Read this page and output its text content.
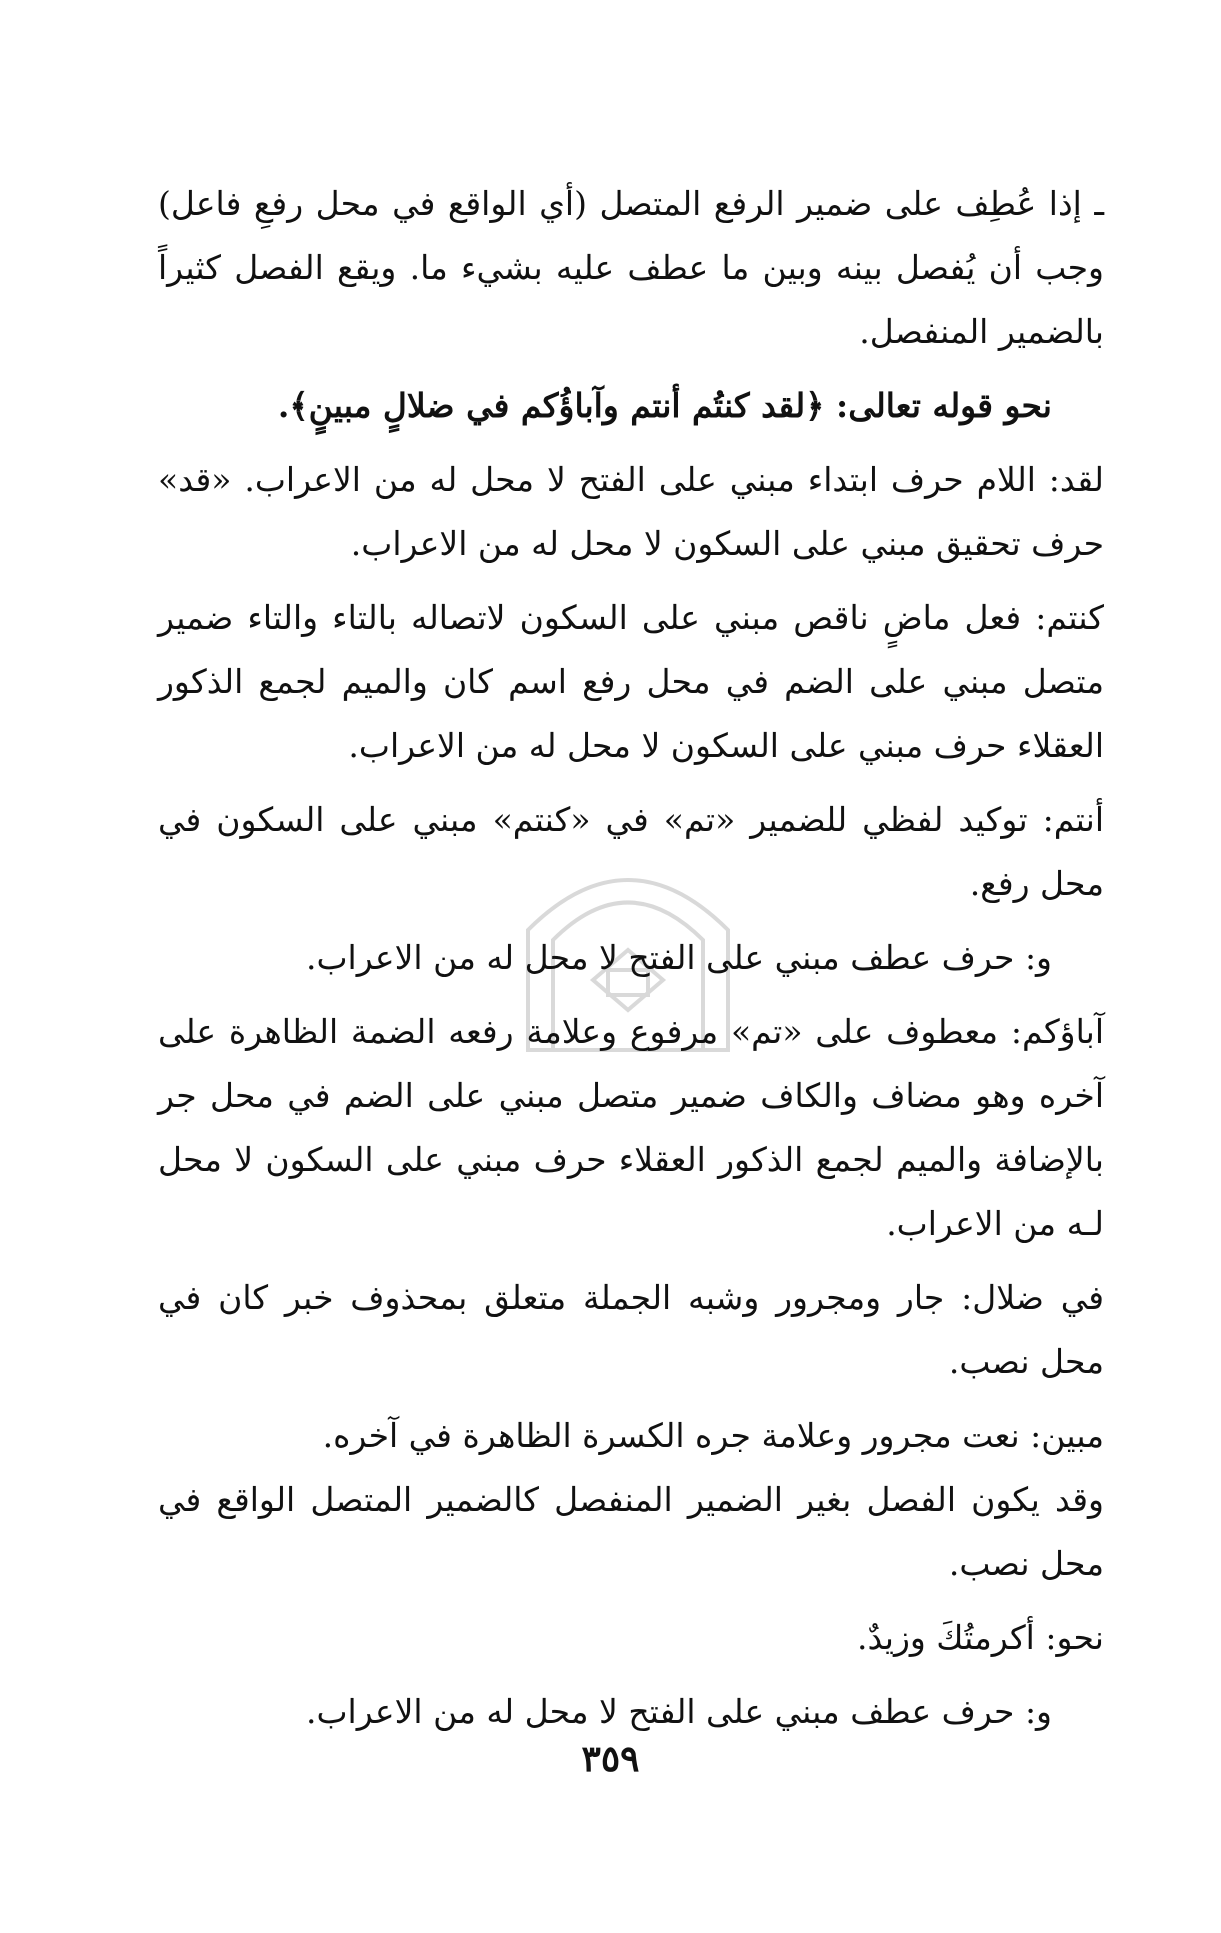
ـ إذا عُطِف على ضمير الرفع المتصل (أي الواقع في محل رفعِ فاعل) وجب أن يُفصل بينه وبين ما عطف عليه بشيء ما. ويقع الفصل كثيراً بالضمير المنفصل.

نحو قوله تعالى: ﴿لقد كنتُم أنتم وآباؤُكم في ضلالٍ مبينٍ﴾.

لقد: اللام حرف ابتداء مبني على الفتح لا محل له من الاعراب. «قد» حرف تحقيق مبني على السكون لا محل له من الاعراب.

كنتم: فعل ماضٍ ناقص مبني على السكون لاتصاله بالتاء والتاء ضمير متصل مبني على الضم في محل رفع اسم كان والميم لجمع الذكور العقلاء حرف مبني على السكون لا محل له من الاعراب.

أنتم: توكيد لفظي للضمير «تم» في «كنتم» مبني على السكون في محل رفع.

و: حرف عطف مبني على الفتح لا محل له من الاعراب.

آباؤكم: معطوف على «تم» مرفوع وعلامة رفعه الضمة الظاهرة على آخره وهو مضاف والكاف ضمير متصل مبني على الضم في محل جر بالإضافة والميم لجمع الذكور العقلاء حرف مبني على السكون لا محل لـه من الاعراب.

في ضلال: جار ومجرور وشبه الجملة متعلق بمحذوف خبر كان في محل نصب.

مبين: نعت مجرور وعلامة جره الكسرة الظاهرة في آخره.

وقد يكون الفصل بغير الضمير المنفصل كالضمير المتصل الواقع في محل نصب.

نحو: أكرمتُكَ وزيدٌ.

و: حرف عطف مبني على الفتح لا محل له من الاعراب.

٣٥٩
